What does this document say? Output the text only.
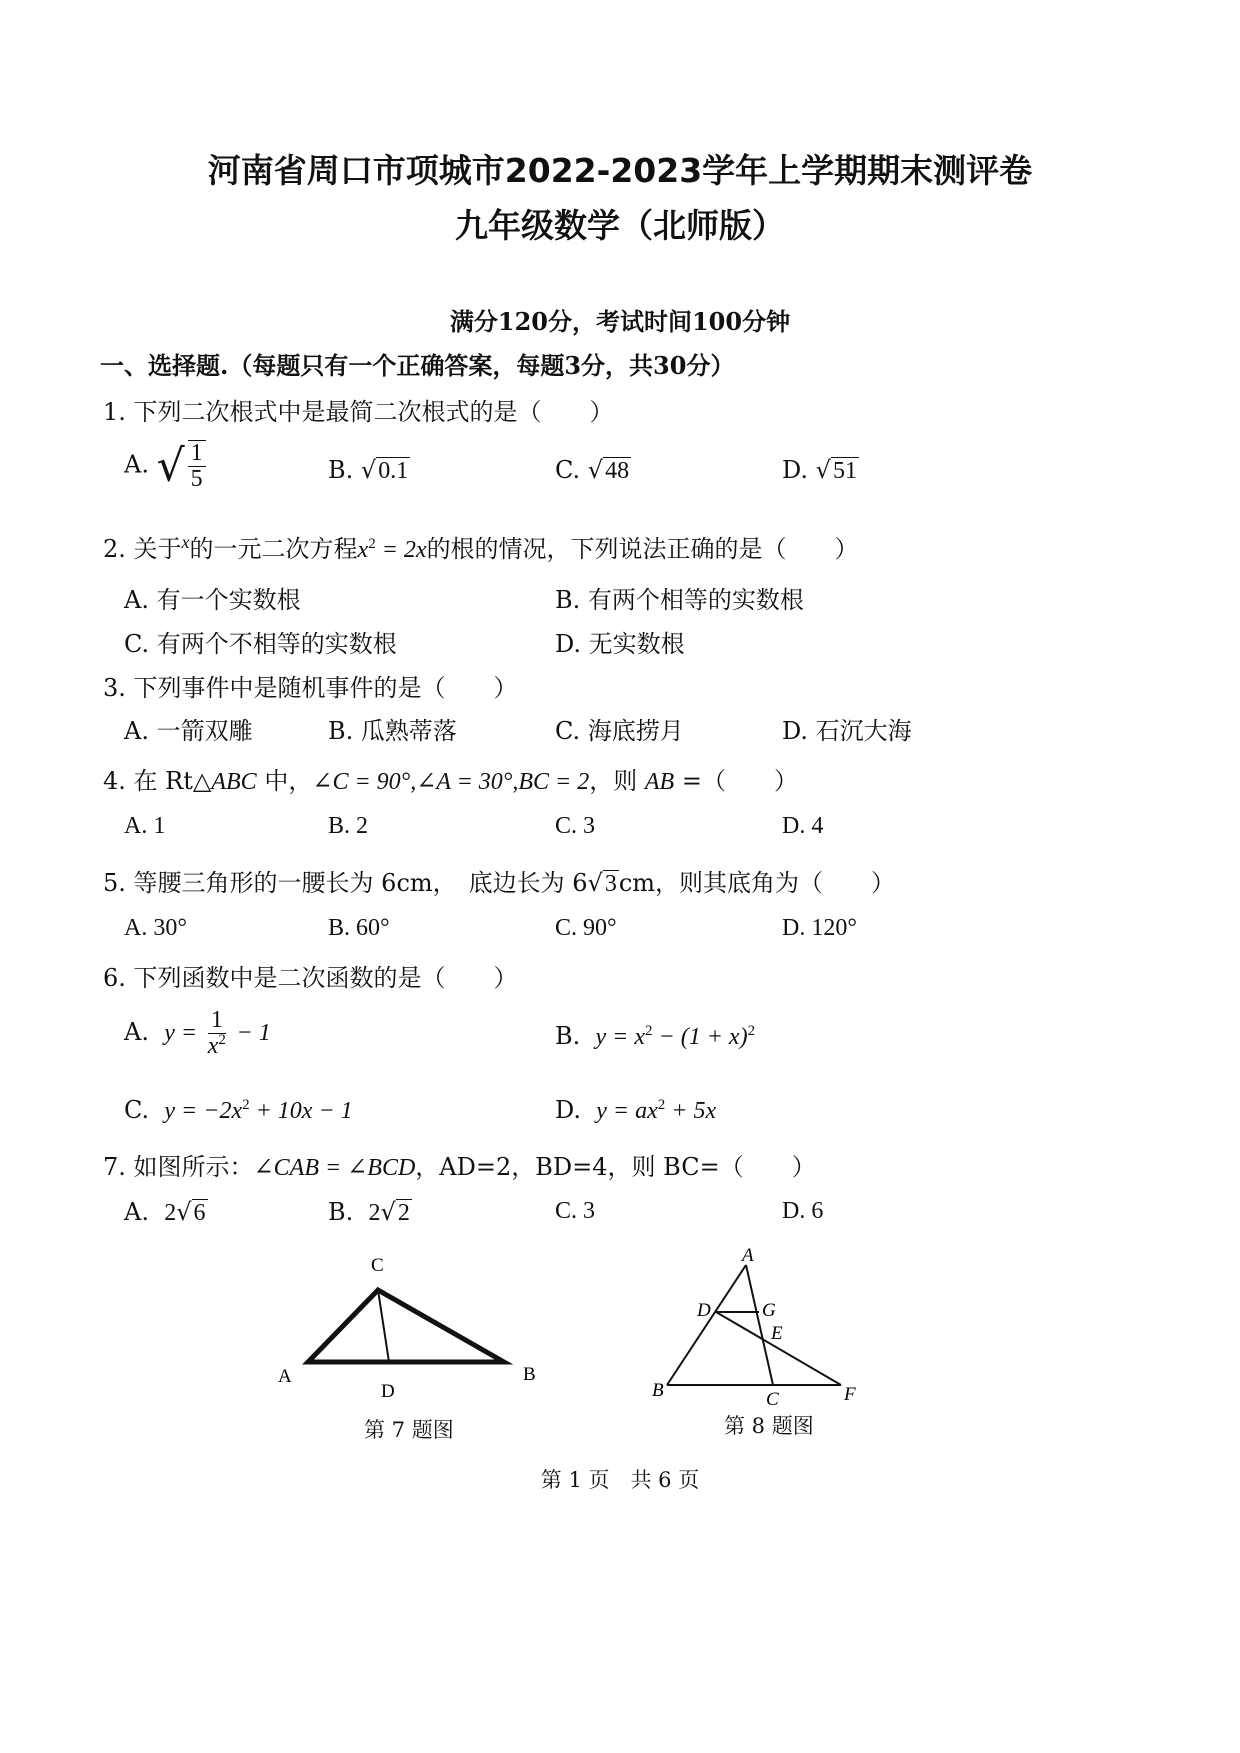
河南省周口市项城市2022-2023学年上学期期末测评卷
九年级数学（北师版）
满分120分，考试时间100分钟
一、选择题.（每题只有一个正确答案，每题3分，共30分）
1. 下列二次根式中是最简二次根式的是（　　）
A. √ $\frac{1}{5}$	B. √0.1	C. √48	D. √51
2. 关于$^x$的一元二次方程$x^2 = 2x$的根的情况，下列说法正确的是（　　）
A. 有一个实数根	B. 有两个相等的实数根
C. 有两个不相等的实数根	D. 无实数根
3. 下列事件中是随机事件的是（　　）
A. 一箭双雕	B. 瓜熟蒂落	C. 海底捞月	D. 石沉大海
4. 在 Rt△ABC 中，∠C = 90°,∠A = 30°,BC = 2，则 AB =（　　）
A. 1	B. 2	C. 3	D. 4
5. 等腰三角形的一腰长为 6cm，　底边长为 6√3cm，则其底角为（　　）
A. 30°	B. 60°	C. 90°	D. 120°
6. 下列函数中是二次函数的是（　　）
A. $y = \frac{1}{x^2} - 1$	B. $y = x^2 - (1 + x)^2$
C. $y = -2x^2 + 10x - 1$	D. $y = ax^2 + 5x$
7. 如图所示：∠CAB = ∠BCD，AD=2，BD=4，则 BC=（　　）
A. 2√6	B. 2√2	C. 3	D. 6
C
A	B
D
第 7 题图
A
D	G
E
B	C	F
第 8 题图
第 1 页　共 6 页
